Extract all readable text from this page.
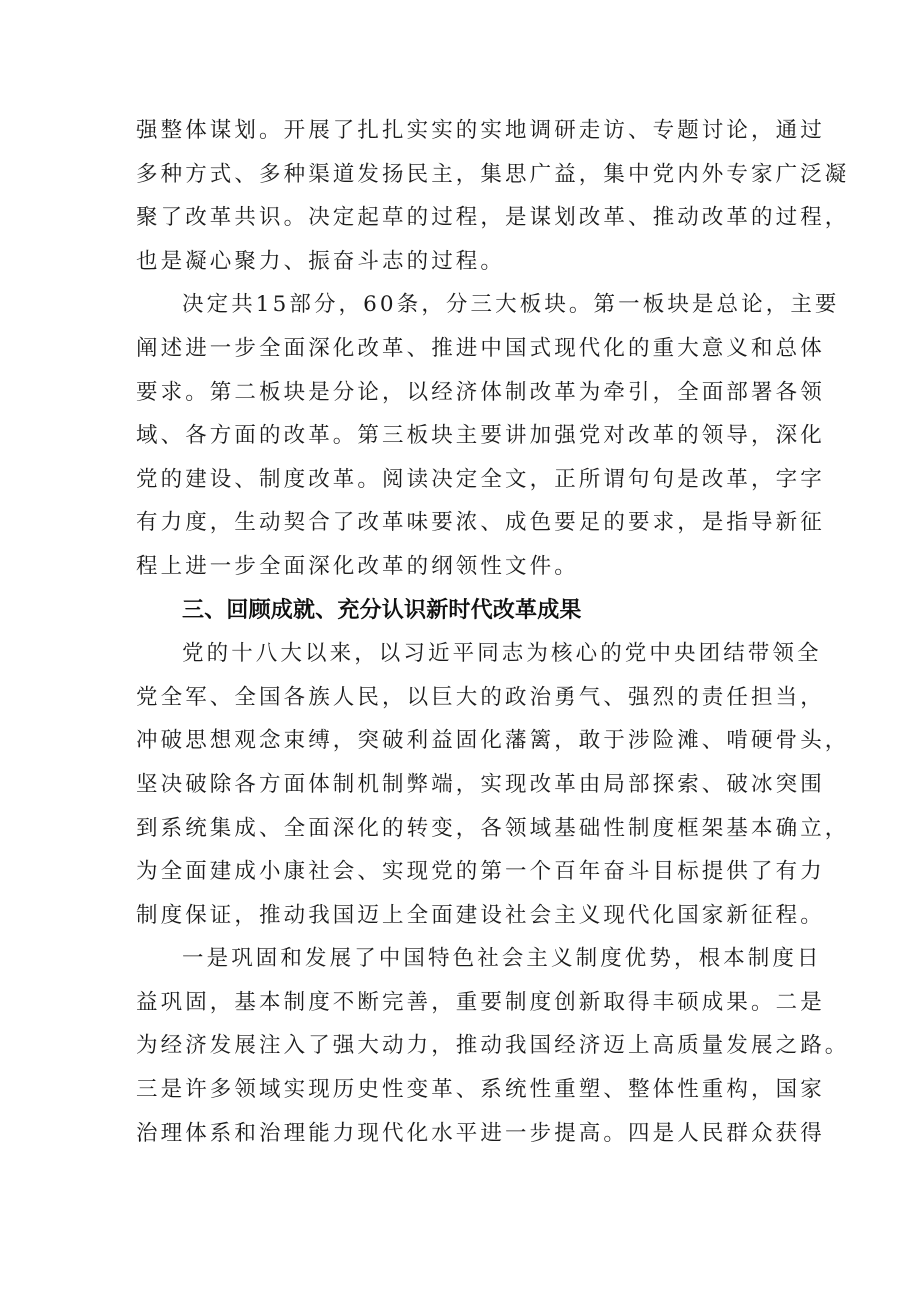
强整体谋划。开展了扎扎实实的实地调研走访、专题讨论，通过
多种方式、多种渠道发扬民主，集思广益，集中党内外专家广泛凝
聚了改革共识。决定起草的过程，是谋划改革、推动改革的过程，
也是凝心聚力、振奋斗志的过程。

决定共15部分，60条，分三大板块。第一板块是总论，主要
阐述进一步全面深化改革、推进中国式现代化的重大意义和总体
要求。第二板块是分论，以经济体制改革为牵引，全面部署各领
域、各方面的改革。第三板块主要讲加强党对改革的领导，深化
党的建设、制度改革。阅读决定全文，正所谓句句是改革，字字
有力度，生动契合了改革味要浓、成色要足的要求，是指导新征
程上进一步全面深化改革的纲领性文件。

三、回顾成就、充分认识新时代改革成果

党的十八大以来，以习近平同志为核心的党中央团结带领全
党全军、全国各族人民，以巨大的政治勇气、强烈的责任担当，
冲破思想观念束缚，突破利益固化藩篱，敢于涉险滩、啃硬骨头，
坚决破除各方面体制机制弊端，实现改革由局部探索、破冰突围
到系统集成、全面深化的转变，各领域基础性制度框架基本确立，
为全面建成小康社会、实现党的第一个百年奋斗目标提供了有力
制度保证，推动我国迈上全面建设社会主义现代化国家新征程。

一是巩固和发展了中国特色社会主义制度优势，根本制度日
益巩固，基本制度不断完善，重要制度创新取得丰硕成果。二是
为经济发展注入了强大动力，推动我国经济迈上高质量发展之路。
三是许多领域实现历史性变革、系统性重塑、整体性重构，国家
治理体系和治理能力现代化水平进一步提高。四是人民群众获得
